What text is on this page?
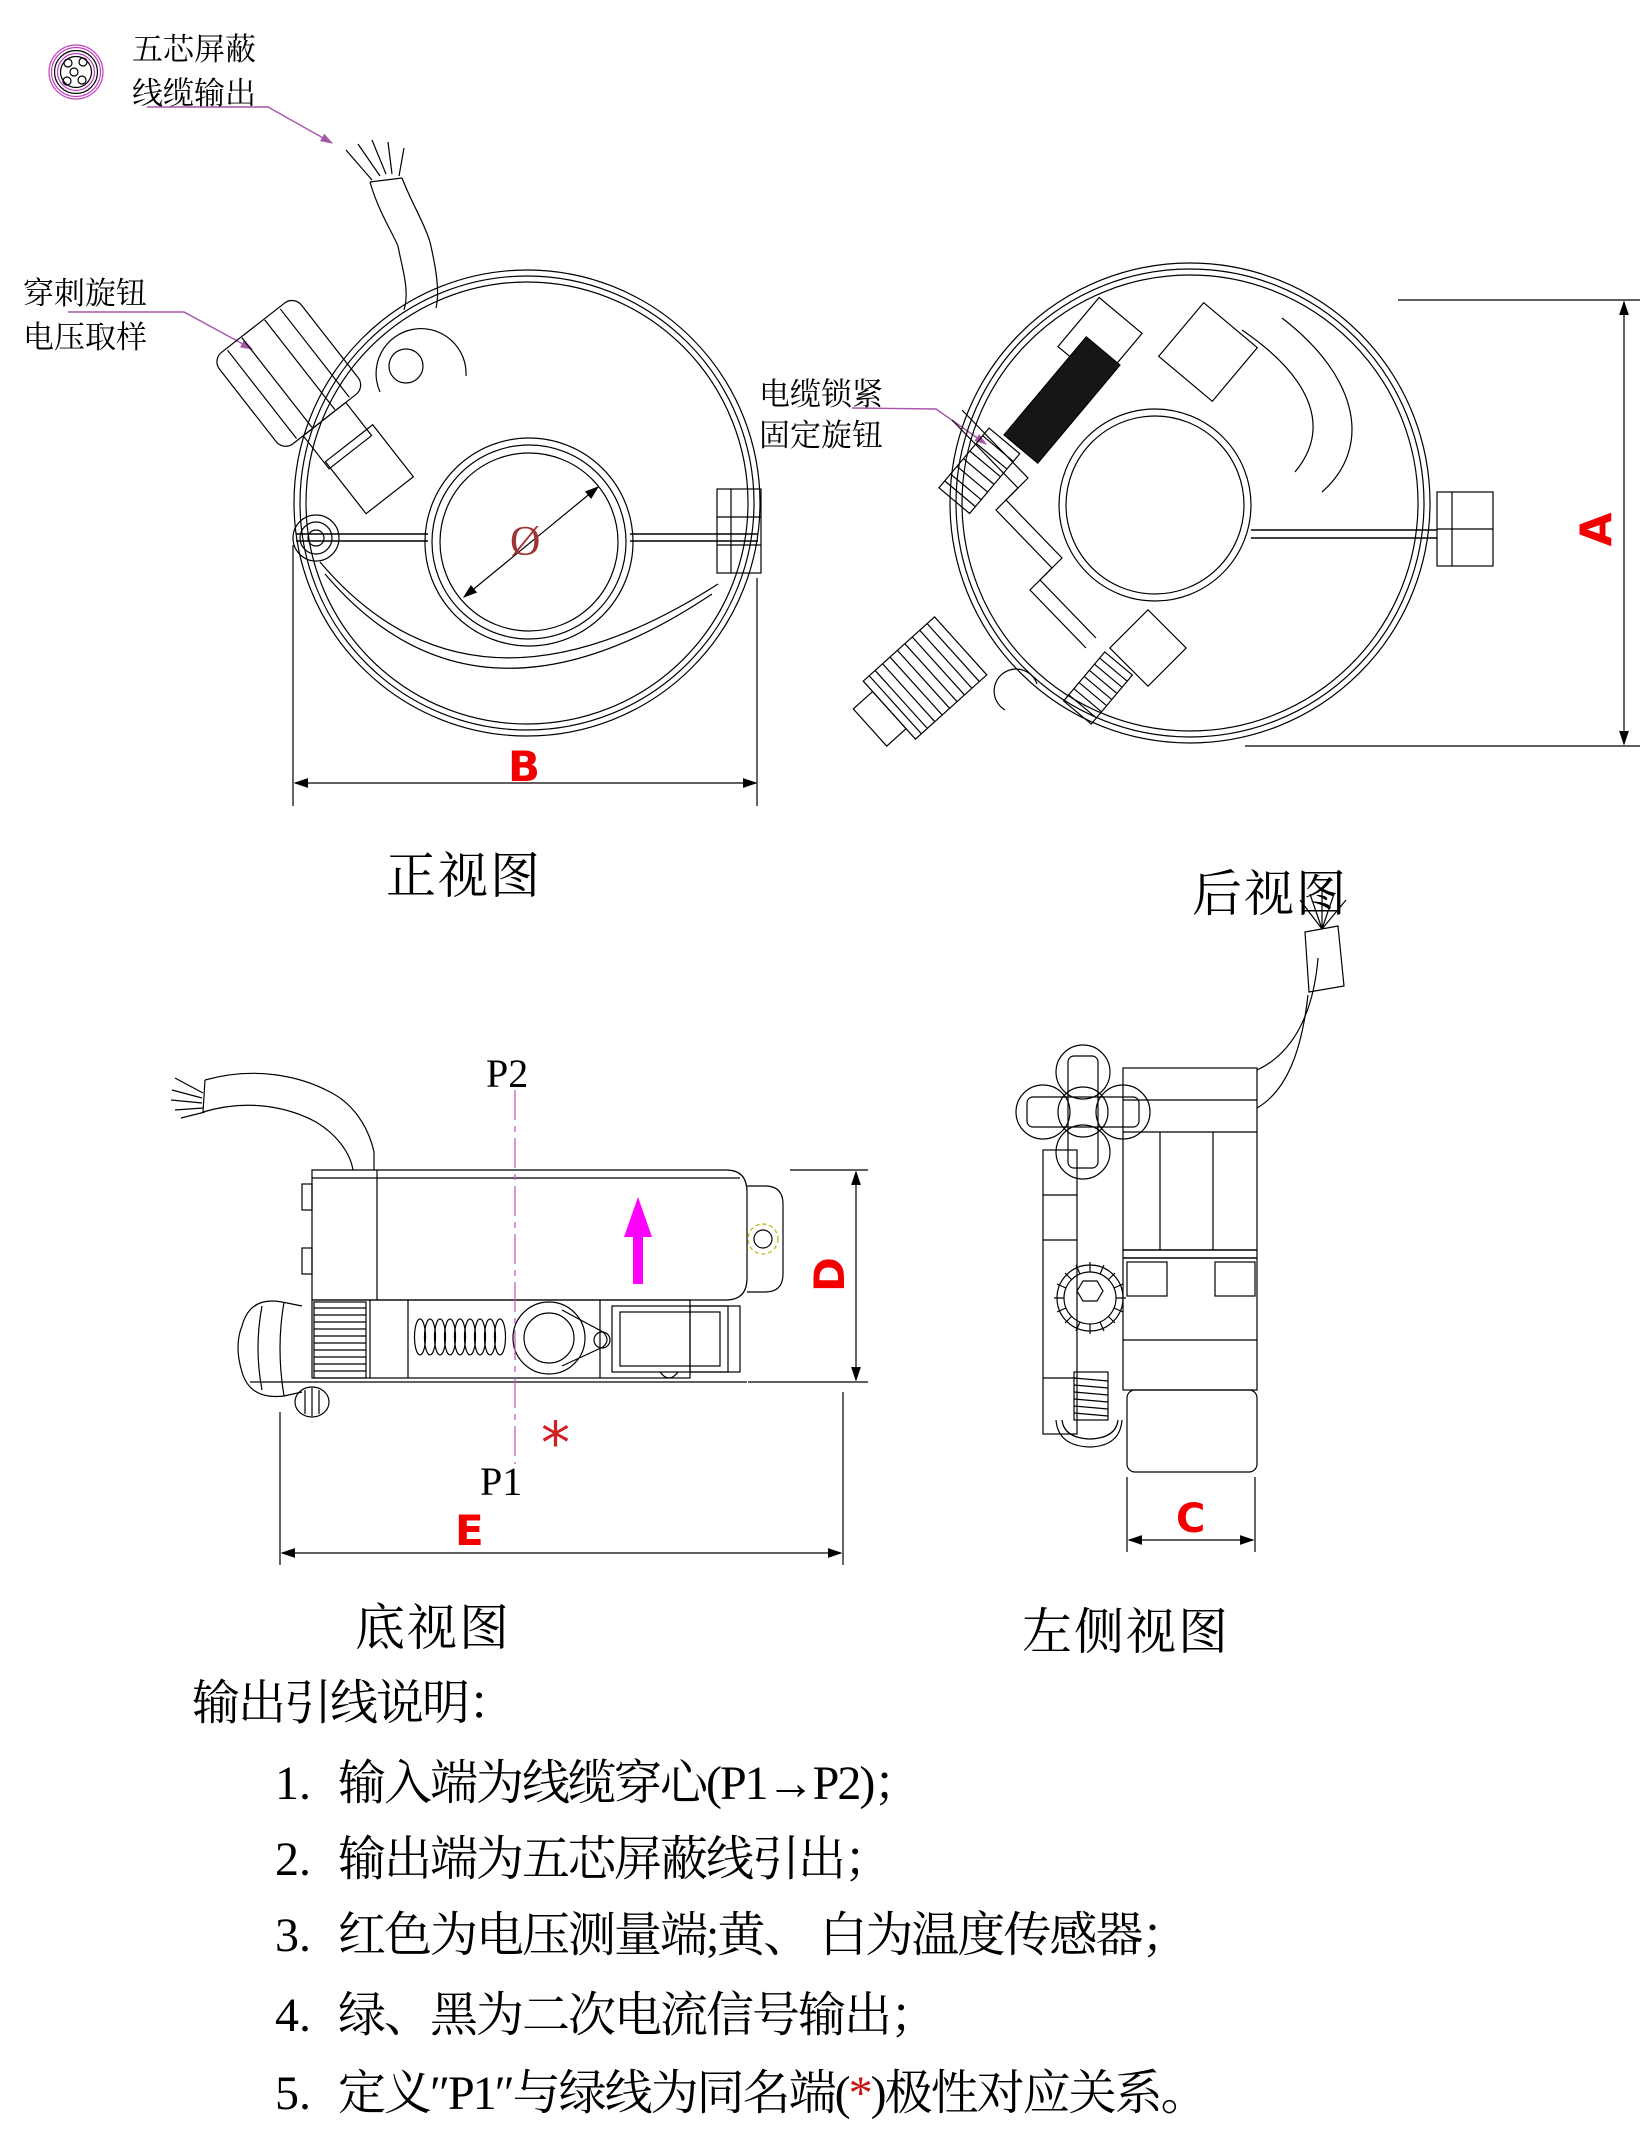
五芯屏蔽
线缆输出
穿刺旋钮
电压取样
电缆锁紧
固定旋钮
B
A
D
E	C
Ø
P2
P1
*
正视图	后视图
底视图	左侧视图
输出引线说明：
1. 输入端为线缆穿心(P1→P2)；
2. 输出端为五芯屏蔽线引出；
3. 红色为电压测量端;黄、 白为温度传感器；
4. 绿、黑为二次电流信号输出；
5. 定义″P1″与绿线为同名端(*)极性对应关系。
